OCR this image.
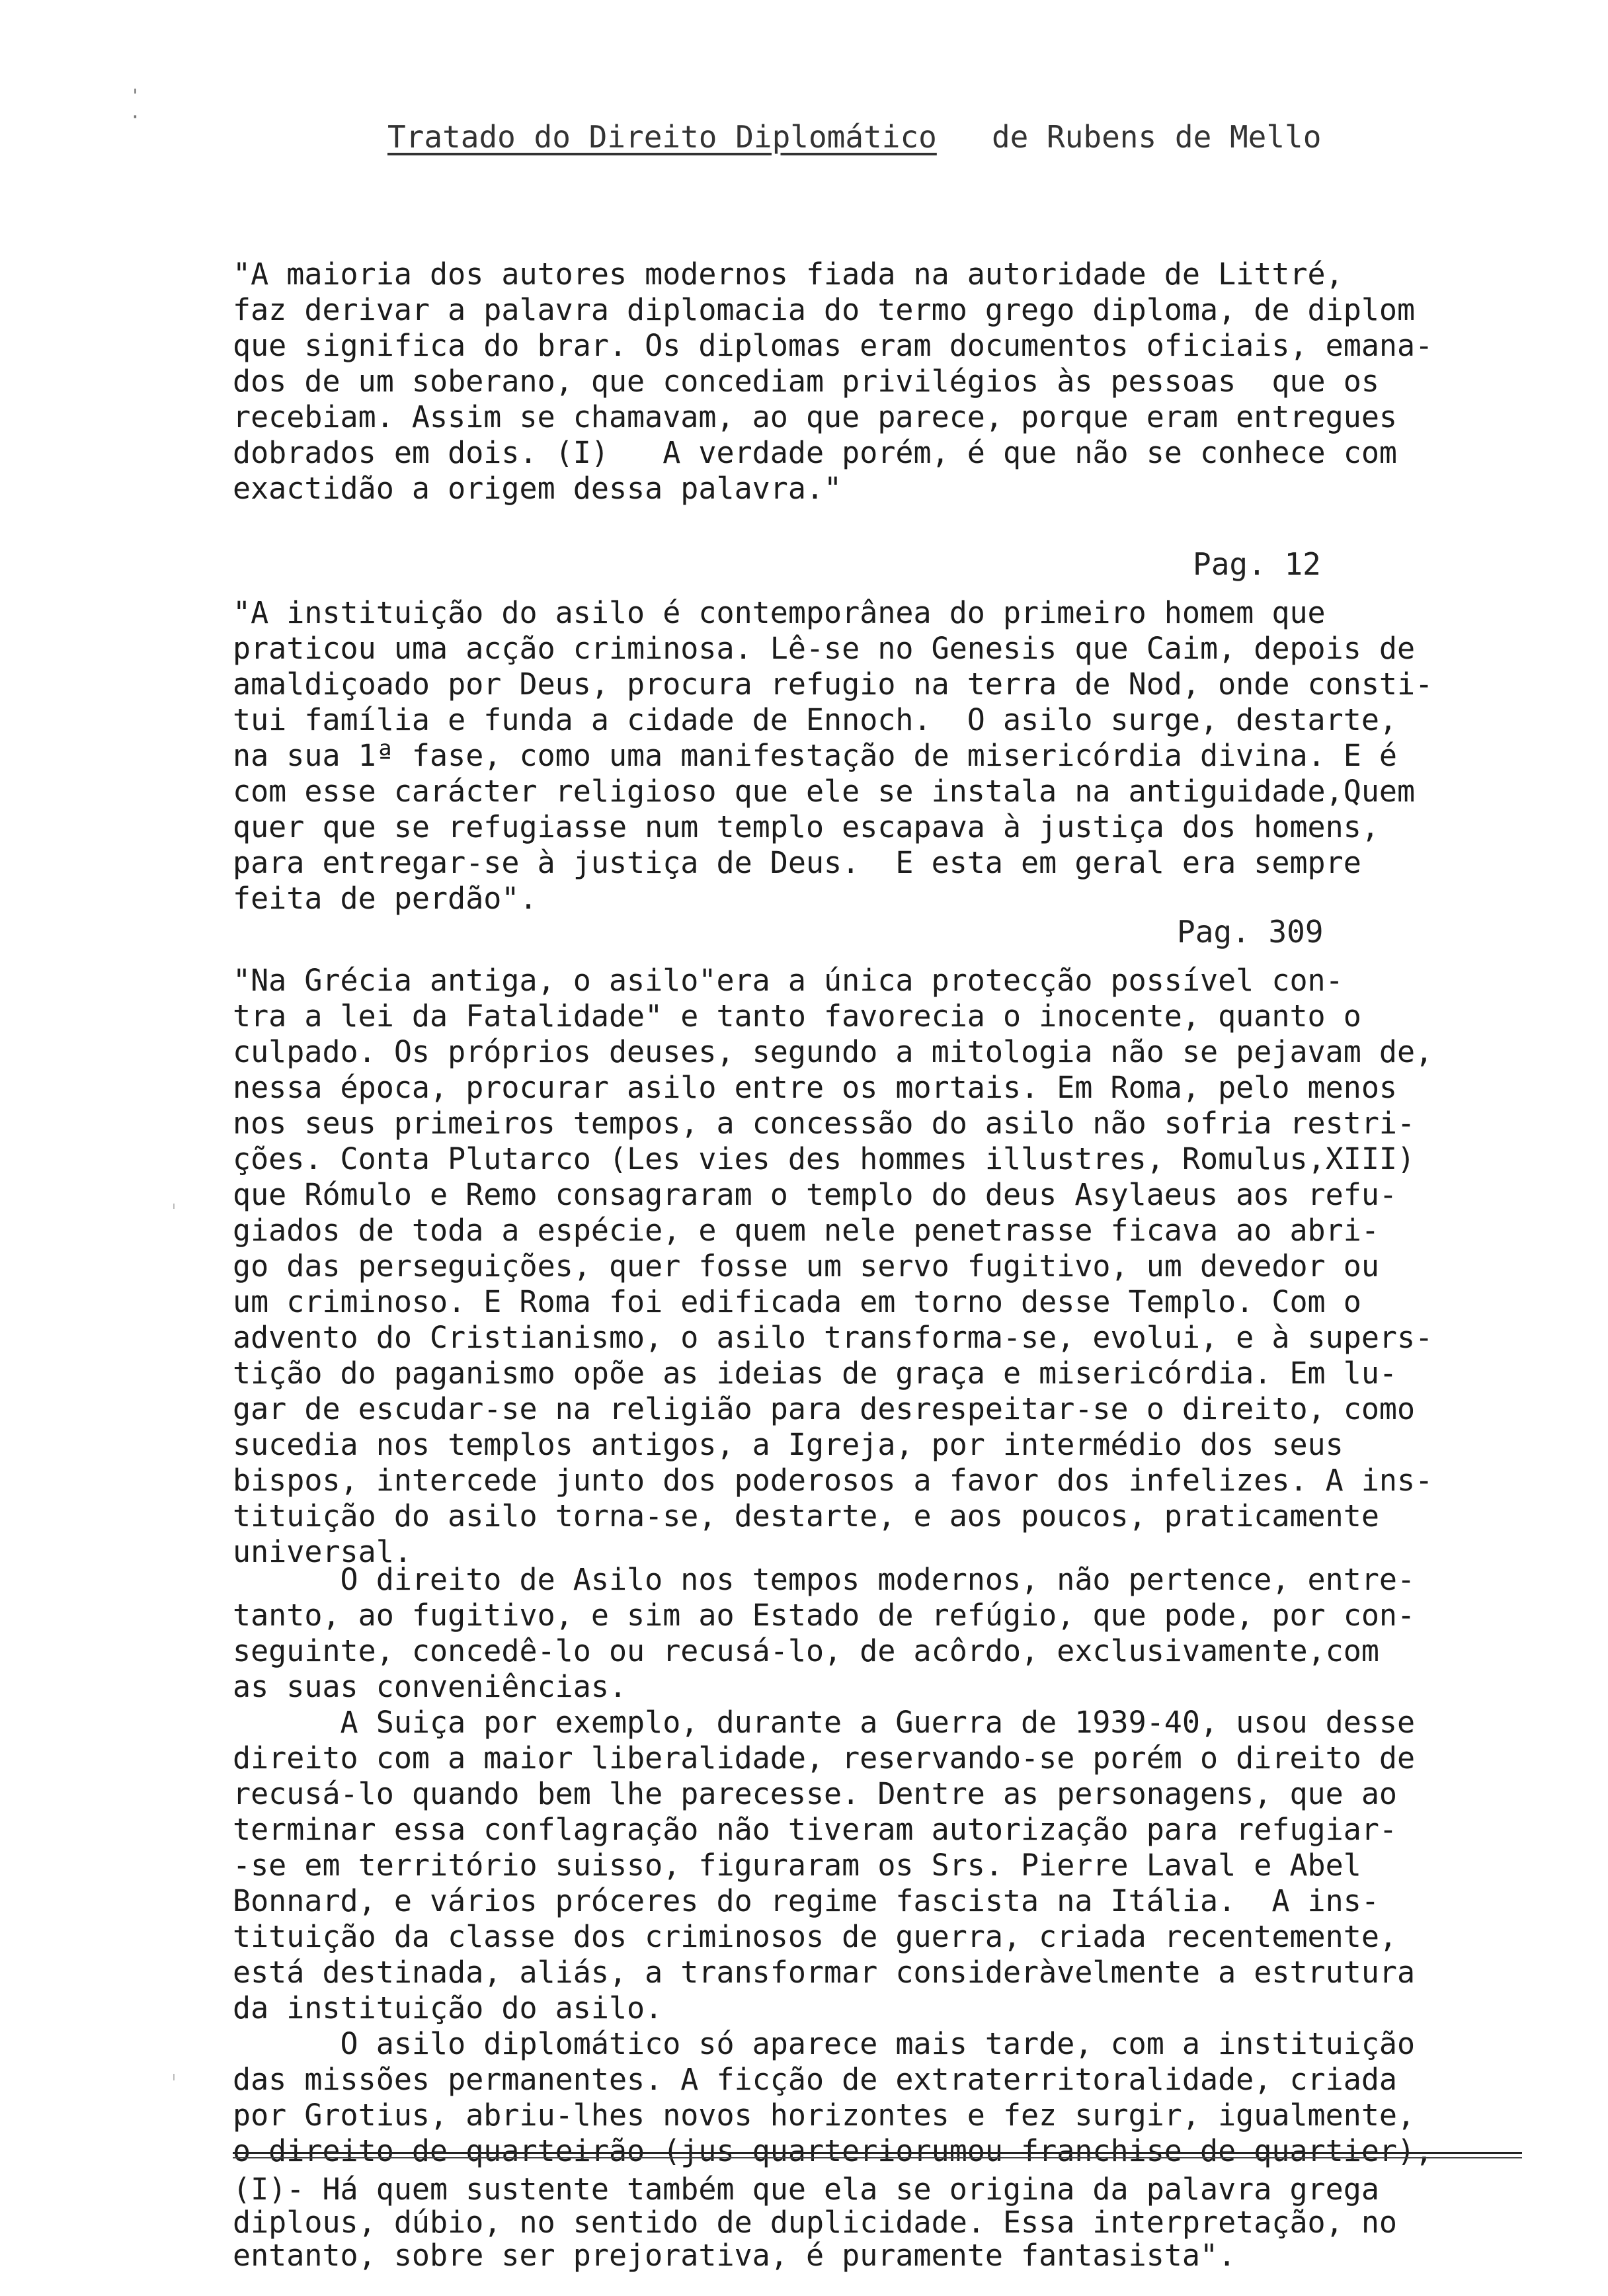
'
·
Tratado do Direito Diplomático de Rubens de Mello
"A maioria dos autores modernos fiada na autoridade de Littré,
faz derivar a palavra diplomacia do termo grego diploma, de diplom
que significa do brar. Os diplomas eram documentos oficiais, emana-
dos de um soberano, que concediam privilégios às pessoas  que os
recebiam. Assim se chamavam, ao que parece, porque eram entregues
dobrados em dois. (I)   A verdade porém, é que não se conhece com
exactidão a origem dessa palavra."
Pag. 12
"A instituição do asilo é contemporânea do primeiro homem que
praticou uma acção criminosa. Lê-se no Genesis que Caim, depois de
amaldiçoado por Deus, procura refugio na terra de Nod, onde consti-
tui família e funda a cidade de Ennoch.  O asilo surge, destarte,
na sua 1ª fase, como uma manifestação de misericórdia divina. E é
com esse carácter religioso que ele se instala na antiguidade,Quem
quer que se refugiasse num templo escapava à justiça dos homens,
para entregar-se à justiça de Deus.  E esta em geral era sempre
feita de perdão".
Pag. 309
"Na Grécia antiga, o asilo"era a única protecção possível con-
tra a lei da Fatalidade" e tanto favorecia o inocente, quanto o
culpado. Os próprios deuses, segundo a mitologia não se pejavam de,
nessa época, procurar asilo entre os mortais. Em Roma, pelo menos
nos seus primeiros tempos, a concessão do asilo não sofria restri-
ções. Conta Plutarco (Les vies des hommes illustres, Romulus,XIII)
que Rómulo e Remo consagraram o templo do deus Asylaeus aos refu-
giados de toda a espécie, e quem nele penetrasse ficava ao abri-
go das perseguições, quer fosse um servo fugitivo, um devedor ou
um criminoso. E Roma foi edificada em torno desse Templo. Com o
advento do Cristianismo, o asilo transforma-se, evolui, e à supers-
tição do paganismo opõe as ideias de graça e misericórdia. Em lu-
gar de escudar-se na religião para desrespeitar-se o direito, como
sucedia nos templos antigos, a Igreja, por intermédio dos seus
bispos, intercede junto dos poderosos a favor dos infelizes. A ins-
tituição do asilo torna-se, destarte, e aos poucos, praticamente
universal.
O direito de Asilo nos tempos modernos, não pertence, entre-
tanto, ao fugitivo, e sim ao Estado de refúgio, que pode, por con-
seguinte, concedê-lo ou recusá-lo, de acôrdo, exclusivamente,com
as suas conveniências.
A Suiça por exemplo, durante a Guerra de 1939-40, usou desse
direito com a maior liberalidade, reservando-se porém o direito de
recusá-lo quando bem lhe parecesse. Dentre as personagens, que ao
terminar essa conflagração não tiveram autorização para refugiar-
-se em território suisso, figuraram os Srs. Pierre Laval e Abel
Bonnard, e vários próceres do regime fascista na Itália.  A ins-
tituição da classe dos criminosos de guerra, criada recentemente,
está destinada, aliás, a transformar consideràvelmente a estrutura
da instituição do asilo.
O asilo diplomático só aparece mais tarde, com a instituição
das missões permanentes. A ficção de extraterritoralidade, criada
por Grotius, abriu-lhes novos horizontes e fez surgir, igualmente,
o direito de quarteirão (jus quarteriorumou franchise de quartier),
(I)- Há quem sustente também que ela se origina da palavra grega
diplous, dúbio, no sentido de duplicidade. Essa interpretação, no
entanto, sobre ser prejorativa, é puramente fantasista".
